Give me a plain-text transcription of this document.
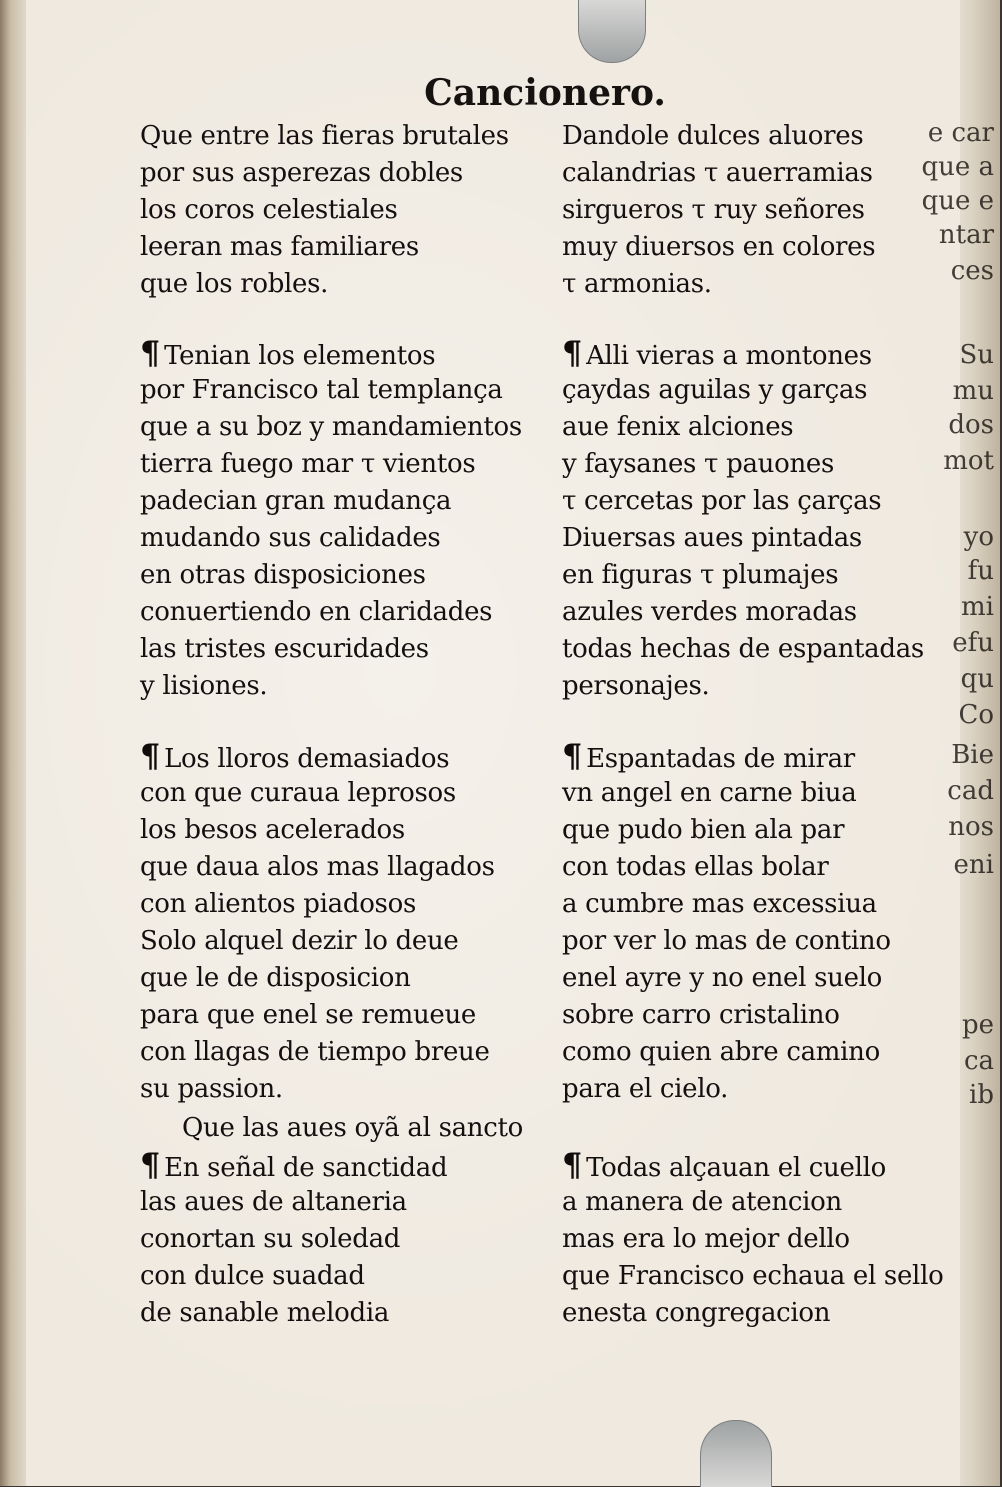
e car
que a
que e
ntar
ces
Su
mu
dos
mot
yo
fu
mi
efu
qu
Co
Bie
cad
nos
eni
pe
ca
ib
Cancionero.
Que entre las fieras brutales
por sus asperezas dobles
los coros celestiales
leeran mas familiares
que los robles.
¶ Tenian los elementos
por Francisco tal templança
que a su boz y mandamientos
tierra fuego mar τ vientos
padecian gran mudança
mudando sus calidades
en otras disposiciones
conuertiendo en claridades
las tristes escuridades
y lisiones.
¶ Los lloros demasiados
con que curaua leprosos
los besos acelerados
que daua alos mas llagados
con alientos piadosos
Solo alquel dezir lo deue
que le de disposicion
para que enel se remueue
con llagas de tiempo breue
su passion.
Que las aues oyã al sancto
¶ En señal de sanctidad
las aues de altaneria
conortan su soledad
con dulce suadad
de sanable melodia
Dandole dulces aluores
calandrias τ auerramias
sirgueros τ ruy señores
muy diuersos en colores
τ armonias.
¶ Alli vieras a montones
çaydas aguilas y garças
aue fenix alciones
y faysanes τ pauones
τ cercetas por las çarças
Diuersas aues pintadas
en figuras τ plumajes
azules verdes moradas
todas hechas de espantadas
personajes.
¶ Espantadas de mirar
vn angel en carne biua
que pudo bien ala par
con todas ellas bolar
a cumbre mas excessiua
por ver lo mas de contino
enel ayre y no enel suelo
sobre carro cristalino
como quien abre camino
para el cielo.
¶ Todas alçauan el cuello
a manera de atencion
mas era lo mejor dello
que Francisco echaua el sello
enesta congregacion
